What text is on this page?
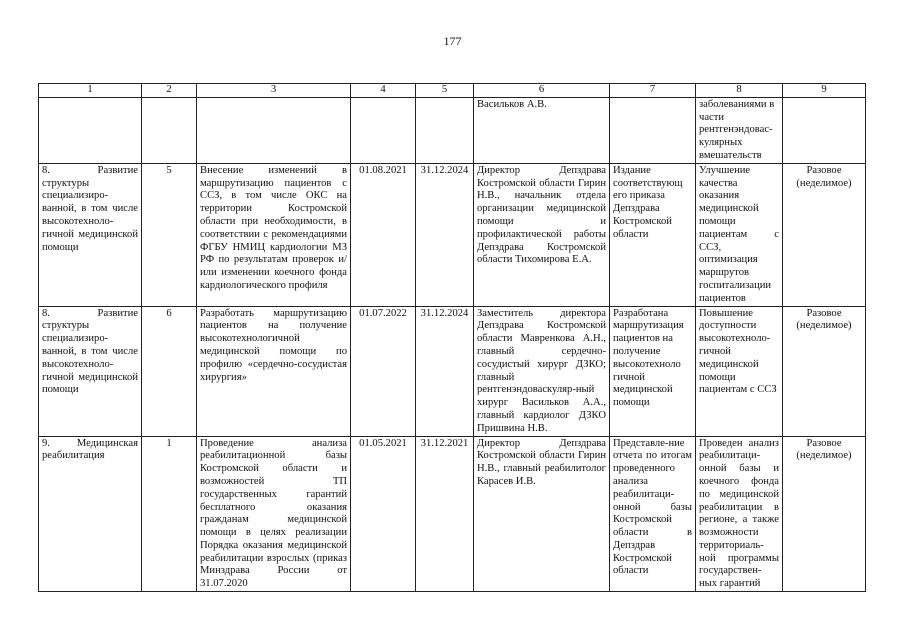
177
1	2	3	4	5	6	7	8	9
					Васильков А.В.		заболеваниями в части рентгенэндовас-кулярных вмешательств	
8. Развитие структуры специализиро-ванной, в том числе высокотехноло-гичной медицинской помощи	5	Внесение изменений в маршрутизацию пациентов с ССЗ, в том числе ОКС на территории Костромской области при необходимости, в соответствии с рекомендациями ФГБУ НМИЦ кардиологии МЗ РФ по результатам проверок и/или изменении коечного фонда кардиологического профиля	01.08.2021	31.12.2024	Директор Депздрава Костромской области Гирин Н.В., начальник отдела организации медицинской помощи и профилактической работы Депздрава Костромской области Тихомирова Е.А.	Издание соответствующ его приказа Депздрава Костромской области	Улучшение качества оказания медицинской помощи пациентам с ССЗ, оптимизация маршрутов госпитализации пациентов	Разовое (неделимое)
8. Развитие структуры специализиро-ванной, в том числе высокотехноло-гичной медицинской помощи	6	Разработать маршрутизацию пациентов на получение высокотехнологичной медицинской помощи по профилю «сердечно-сосудистая хирургия»	01.07.2022	31.12.2024	Заместитель директора Депздрава Костромской области Мавренкова А.Н., главный сердечно-сосудистый хирург ДЗКО; главный рентгенэндоваскуляр-ный хирург Васильков А.А., главный кардиолог ДЗКО Пришвина Н.В.	Разработана маршрутизация пациентов на получение высокотехноло гичной медицинской помощи	Повышение доступности высокотехноло-гичной медицинской помощи пациентам с ССЗ	Разовое (неделимое)
9. Медицинская реабилитация	1	Проведение анализа реабилитационной базы Костромской области и возможностей ТП государственных гарантий бесплатного оказания гражданам медицинской помощи в целях реализации Порядка оказания медицинской реабилитации взрослых (приказ Минздрава России от 31.07.2020	01.05.2021	31.12.2021	Директор Депздрава Костромской области Гирин Н.В., главный реабилитолог Карасев И.В.	Представле-ние отчета по итогам проведенного анализа реабилитаци-онной базы Костромской области в Депздрав Костромской области	Проведен анализ реабилитаци-онной базы и коечного фонда по медицинской реабилитации в регионе, а также возможности территориаль-ной программы государствен-ных гарантий	Разовое (неделимое)
